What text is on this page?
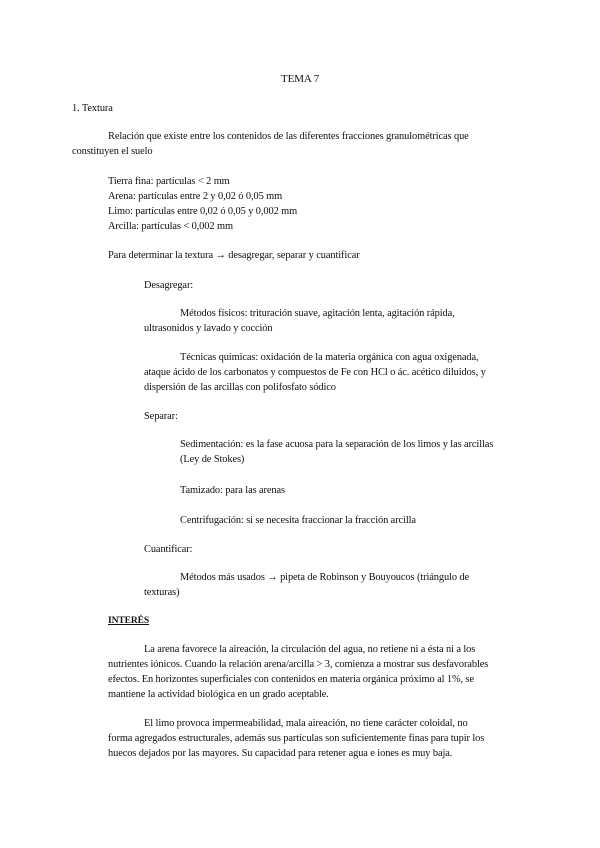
TEMA 7
1. Textura
Relación que existe entre los contenidos de las diferentes fracciones granulométricas que
constituyen el suelo
Tierra fina: partículas < 2 mm
Arena: partículas entre 2 y 0,02 ó 0,05 mm
Limo: partículas entre 0,02 ó 0,05 y 0,002 mm
Arcilla: partículas < 0,002 mm
Para determinar la textura → desagregar, separar y cuantificar
Desagregar:
Métodos físicos: trituración suave, agitación lenta, agitación rápida,
ultrasonidos y lavado y cocción
Técnicas químicas: oxidación de la materia orgánica con agua oxigenada,
ataque ácido de los carbonatos y compuestos de Fe con HCl o ác. acético diluidos, y
dispersión de las arcillas con polifosfato sódico
Separar:
Sedimentación: es la fase acuosa para la separación de los limos y las arcillas
(Ley de Stokes)
Tamizado: para las arenas
Centrifugación: si se necesita fraccionar la fracción arcilla
Cuantificar:
Métodos más usados → pipeta de Robinson y Bouyoucos (triángulo de
texturas)
INTERÉS
La arena favorece la aireación, la circulación del agua, no retiene ni a ésta ni a los
nutrientes iónicos. Cuando la relación arena/arcilla > 3, comienza a mostrar sus desfavorables
efectos. En horizontes superficiales con contenidos en materia orgánica próximo al 1%, se
mantiene la actividad biológica en un grado aceptable.
El limo provoca impermeabilidad, mala aireación, no tiene carácter coloidal, no
forma agregados estructurales, además sus partículas son suficientemente finas para tupir los
huecos dejados por las mayores. Su capacidad para retener agua e iones es muy baja.
